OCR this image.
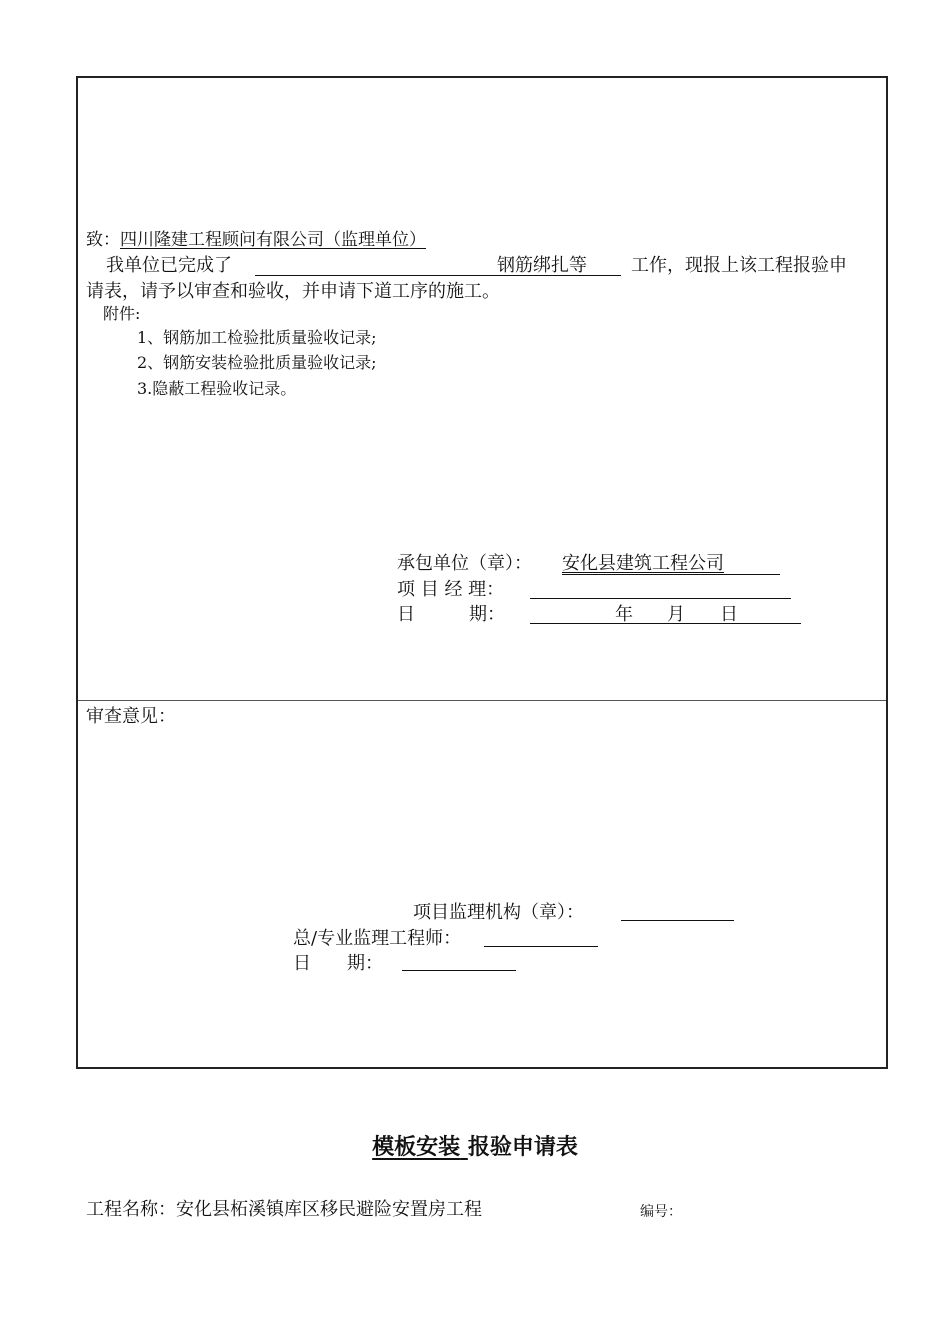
致：四川隆建工程顾问有限公司（监理单位）
我单位已完成了	钢筋绑扎等 工作，现报上该工程报验申
请表，请予以审查和验收，并申请下道工序的施工。
附件:
1、钢筋加工检验批质量验收记录;
2、钢筋安装检验批质量验收记录;
3.隐蔽工程验收记录。
承包单位（章）： 安化县建筑工程公司
项 目 经 理：
日　　　期：	年 月 日
审查意见：
项目监理机构（章）：
总/专业监理工程师：
日　　期：
模板安装 报验申请表
工程名称：安化县柘溪镇库区移民避险安置房工程	编号：
